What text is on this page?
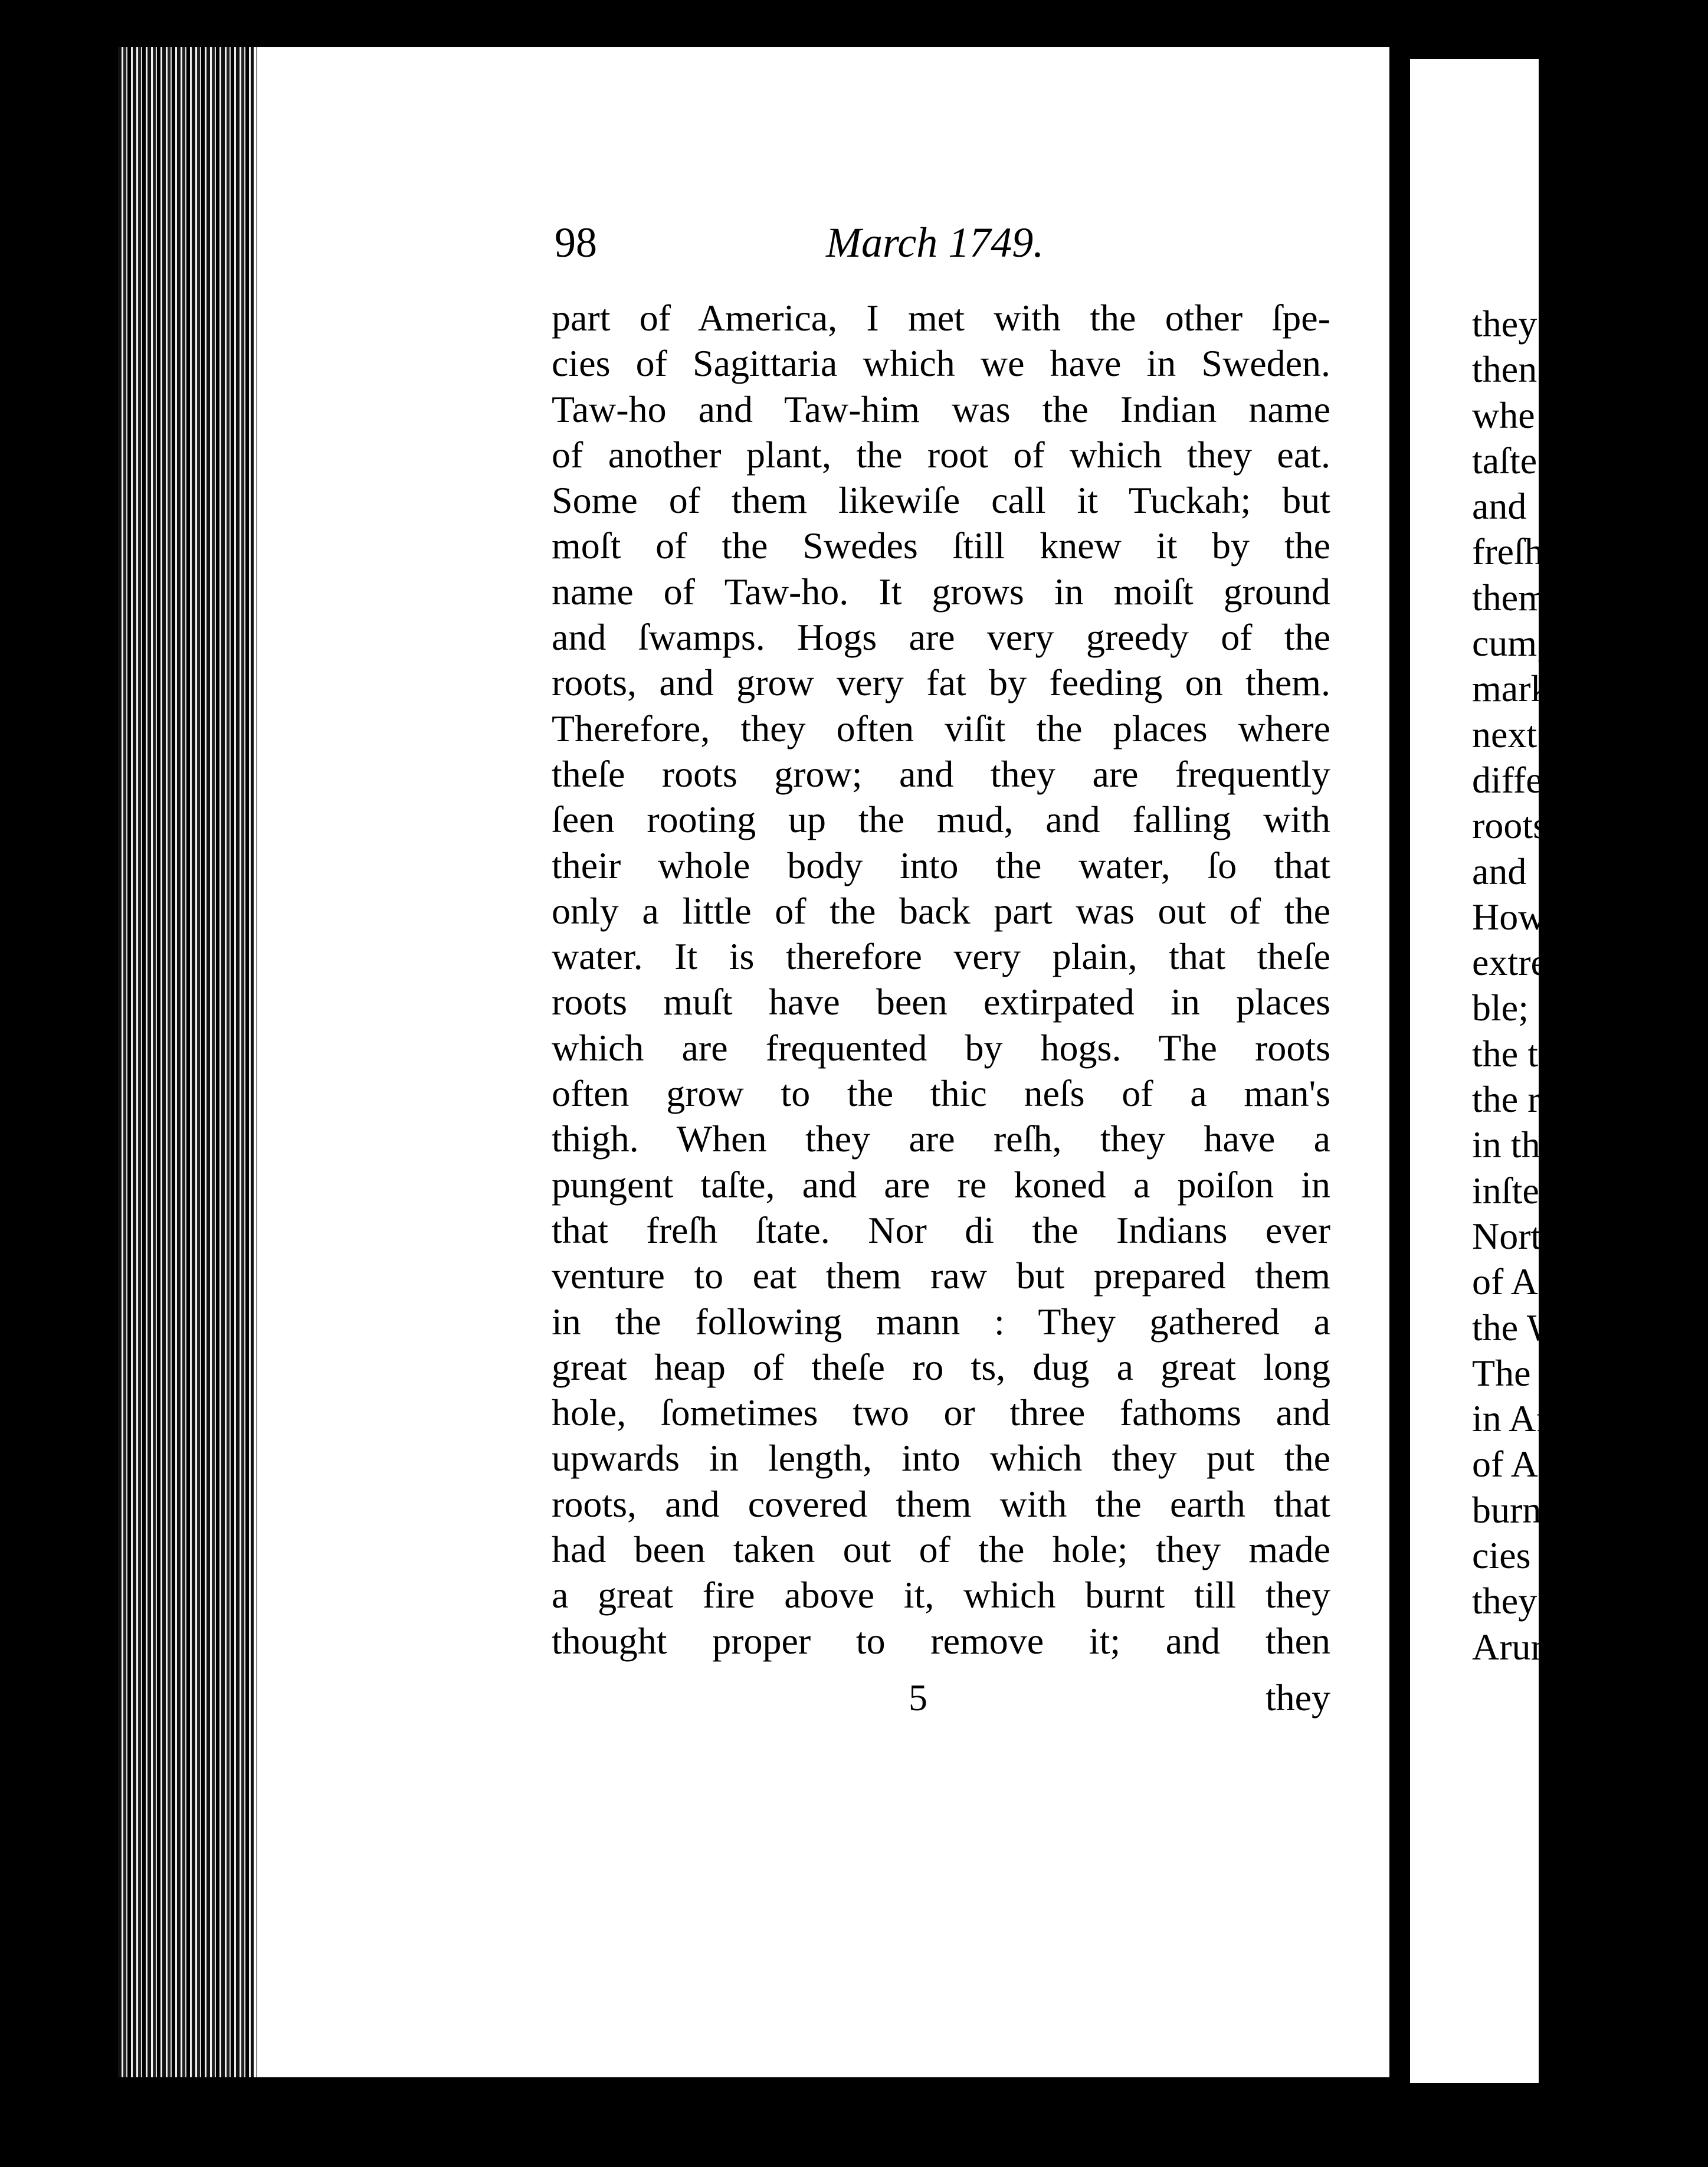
they
then
whe
taſte
and
freſh
them
cum,
mark
next
differ
roots
and
How
extre
ble;
the to
the ro
in th
inſtea
North
of Aru
the W
The I
in Af
of Ar
burnin
cies o
they e
Arum
98	March 1749.
part of America, I met with the other ſpe-
cies of Sagittaria which we have in Sweden.
Taw-ho and Taw-him was the Indian name
of another plant, the root of which they eat.
Some of them likewiſe call it Tuckah; but
moſt of the Swedes ſtill knew it by the
name of Taw-ho. It grows in moiſt ground
and ſwamps. Hogs are very greedy of the
roots, and grow very fat by feeding on them.
Therefore, they often viſit the places where
theſe roots grow; and they are frequently
ſeen rooting up the mud, and falling with
their whole body into the water, ſo that
only a little of the back part was out of the
water. It is therefore very plain, that theſe
roots muſt have been extirpated in places
which are frequented by hogs. The roots
often grow to the thic neſs of a man's
thigh. When they are reſh, they have a
pungent taſte, and are re koned a poiſon in
that freſh ſtate. Nor di the Indians ever
venture to eat them raw but prepared them
in the following mann : They gathered a
great heap of theſe ro ts, dug a great long
hole, ſometimes two or three fathoms and
upwards in length, into which they put the
roots, and covered them with the earth that
had been taken out of the hole; they made
a great fire above it, which burnt till they
thought proper to remove it; and then
5	they
